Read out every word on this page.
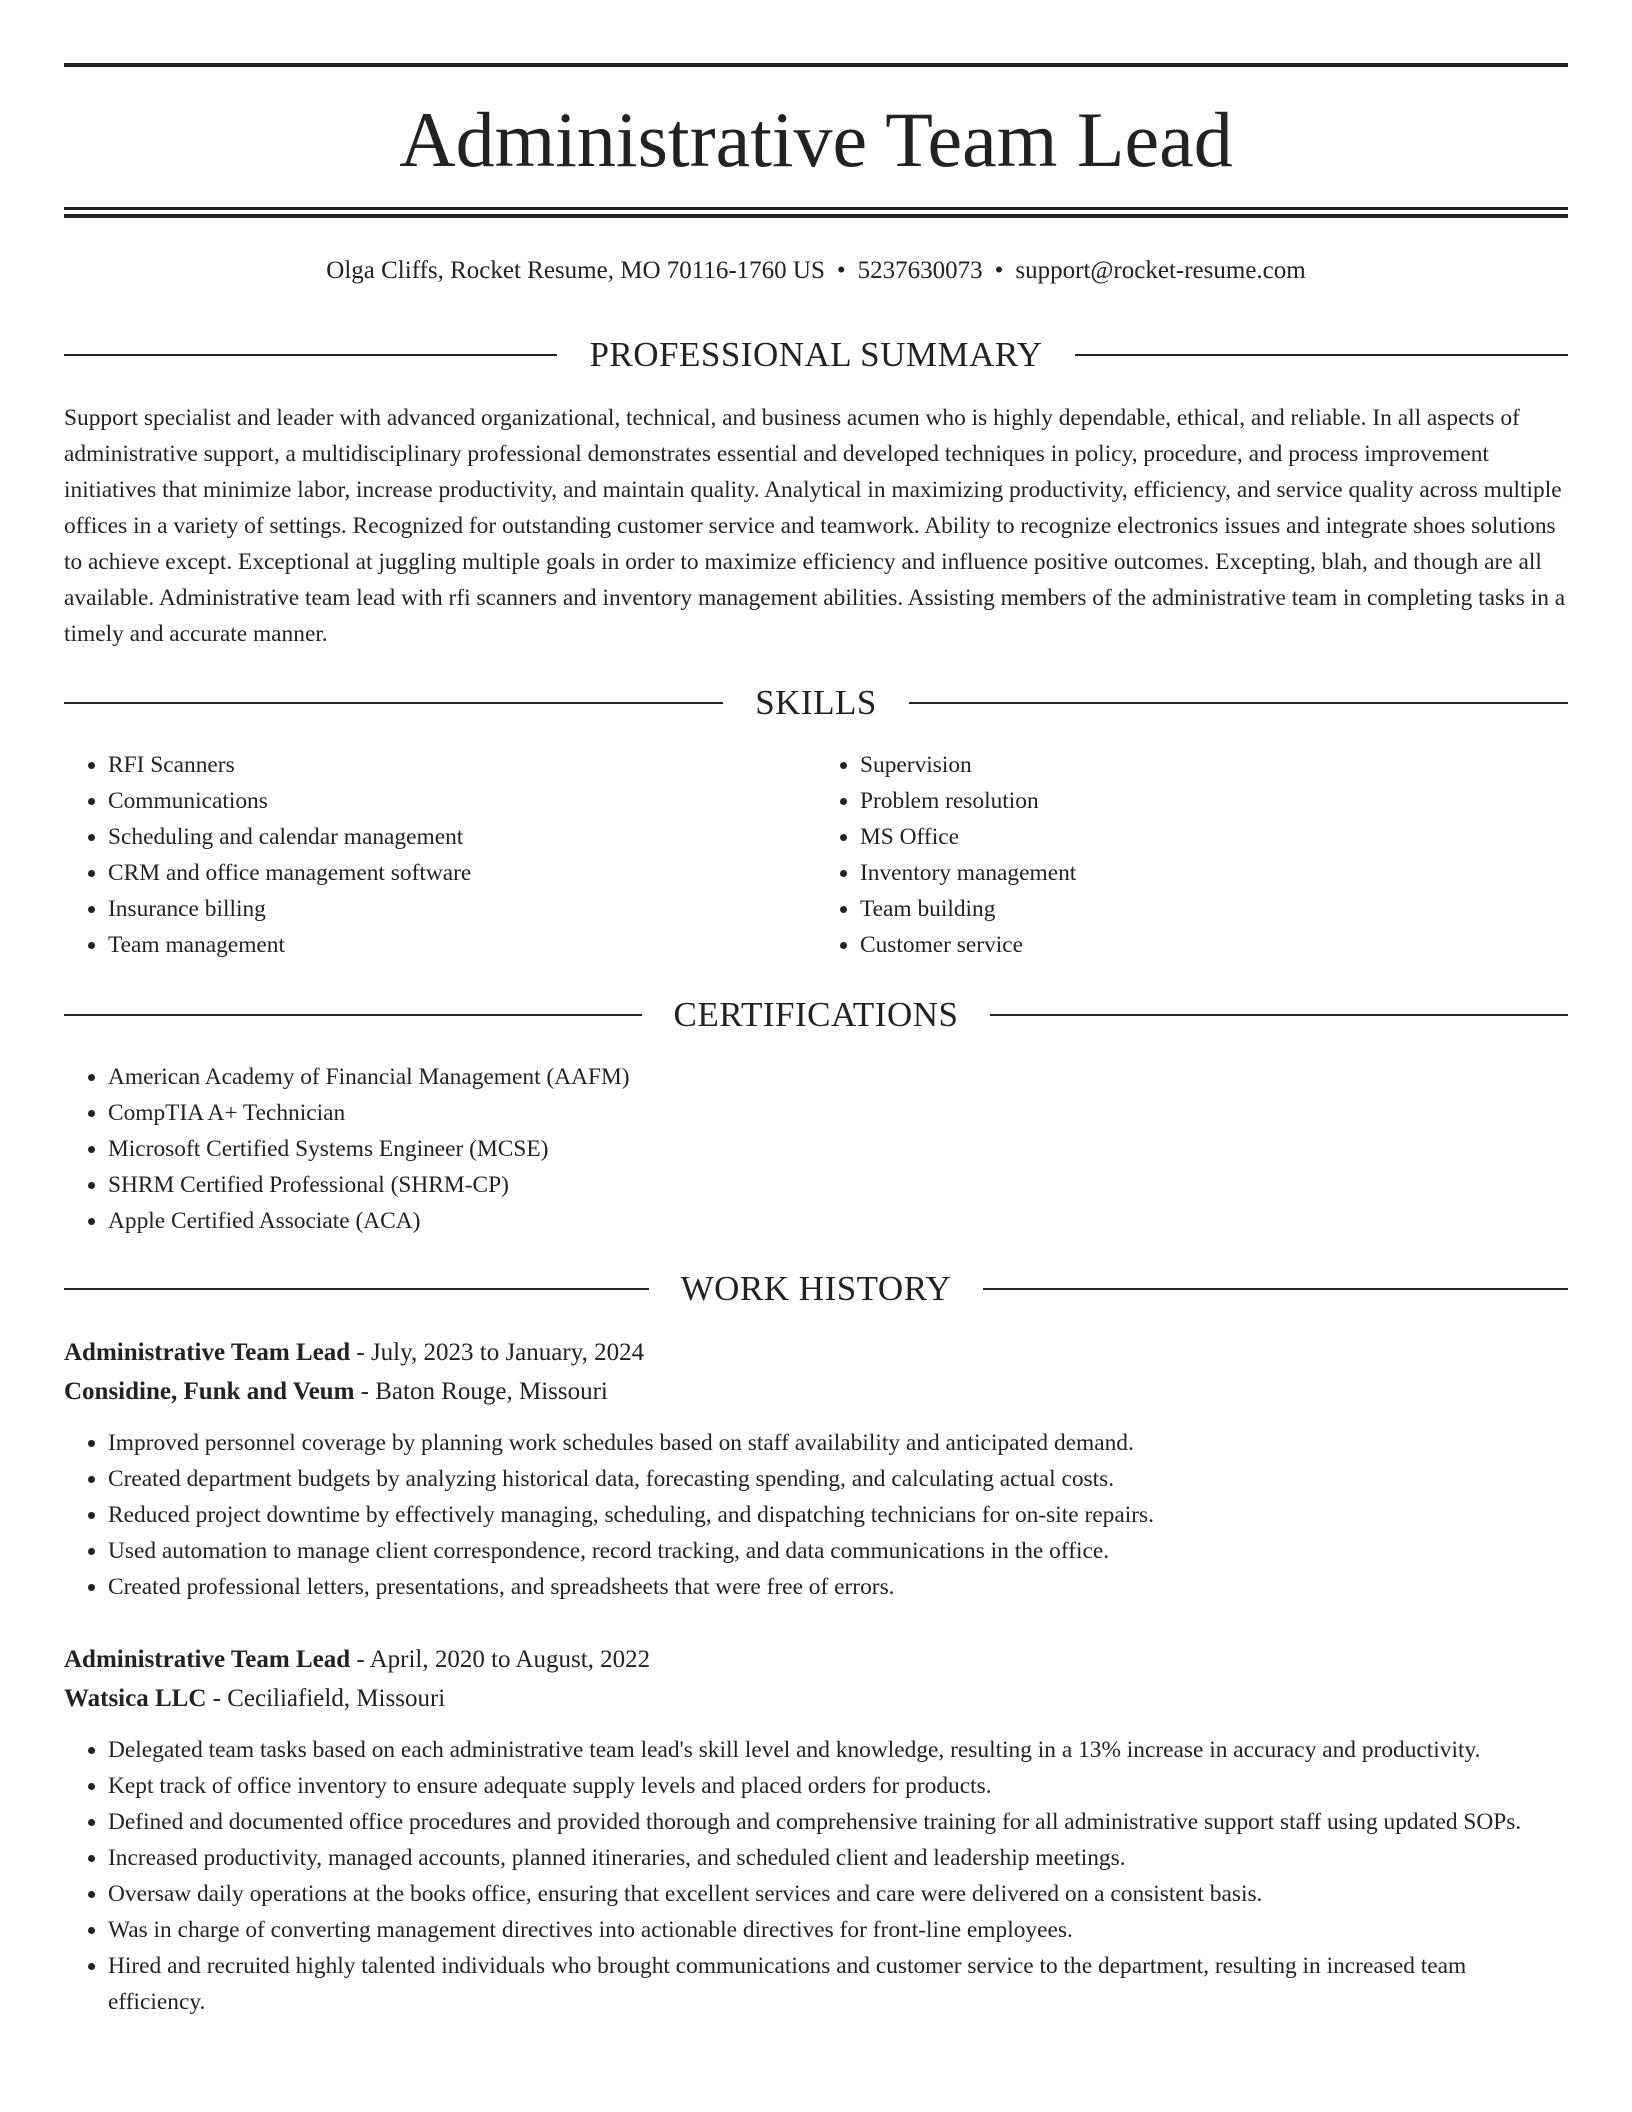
Administrative Team Lead
Olga Cliffs, Rocket Resume, MO 70116-1760 US • 5237630073 • support@rocket-resume.com
PROFESSIONAL SUMMARY

Support specialist and leader with advanced organizational, technical, and business acumen who is highly dependable, ethical, and reliable. In all aspects of administrative support, a multidisciplinary professional demonstrates essential and developed techniques in policy, procedure, and process improvement initiatives that minimize labor, increase productivity, and maintain quality. Analytical in maximizing productivity, efficiency, and service quality across multiple offices in a variety of settings. Recognized for outstanding customer service and teamwork. Ability to recognize electronics issues and integrate shoes solutions to achieve except. Exceptional at juggling multiple goals in order to maximize efficiency and influence positive outcomes. Excepting, blah, and though are all available. Administrative team lead with rfi scanners and inventory management abilities. Assisting members of the administrative team in completing tasks in a timely and accurate manner.

SKILLS
• RFI Scanners
• Communications
• Scheduling and calendar management
• CRM and office management software
• Insurance billing
• Team management
• Supervision
• Problem resolution
• MS Office
• Inventory management
• Team building
• Customer service
CERTIFICATIONS
• American Academy of Financial Management (AAFM)
• CompTIA A+ Technician
• Microsoft Certified Systems Engineer (MCSE)
• SHRM Certified Professional (SHRM-CP)
• Apple Certified Associate (ACA)
WORK HISTORY
Administrative Team Lead - July, 2023 to January, 2024
Considine, Funk and Veum - Baton Rouge, Missouri
• Improved personnel coverage by planning work schedules based on staff availability and anticipated demand.
• Created department budgets by analyzing historical data, forecasting spending, and calculating actual costs.
• Reduced project downtime by effectively managing, scheduling, and dispatching technicians for on-site repairs.
• Used automation to manage client correspondence, record tracking, and data communications in the office.
• Created professional letters, presentations, and spreadsheets that were free of errors.
Administrative Team Lead - April, 2020 to August, 2022
Watsica LLC - Ceciliafield, Missouri
• Delegated team tasks based on each administrative team lead's skill level and knowledge, resulting in a 13% increase in accuracy and productivity.
• Kept track of office inventory to ensure adequate supply levels and placed orders for products.
• Defined and documented office procedures and provided thorough and comprehensive training for all administrative support staff using updated SOPs.
• Increased productivity, managed accounts, planned itineraries, and scheduled client and leadership meetings.
• Oversaw daily operations at the books office, ensuring that excellent services and care were delivered on a consistent basis.
• Was in charge of converting management directives into actionable directives for front-line employees.
• Hired and recruited highly talented individuals who brought communications and customer service to the department, resulting in increased team efficiency.
